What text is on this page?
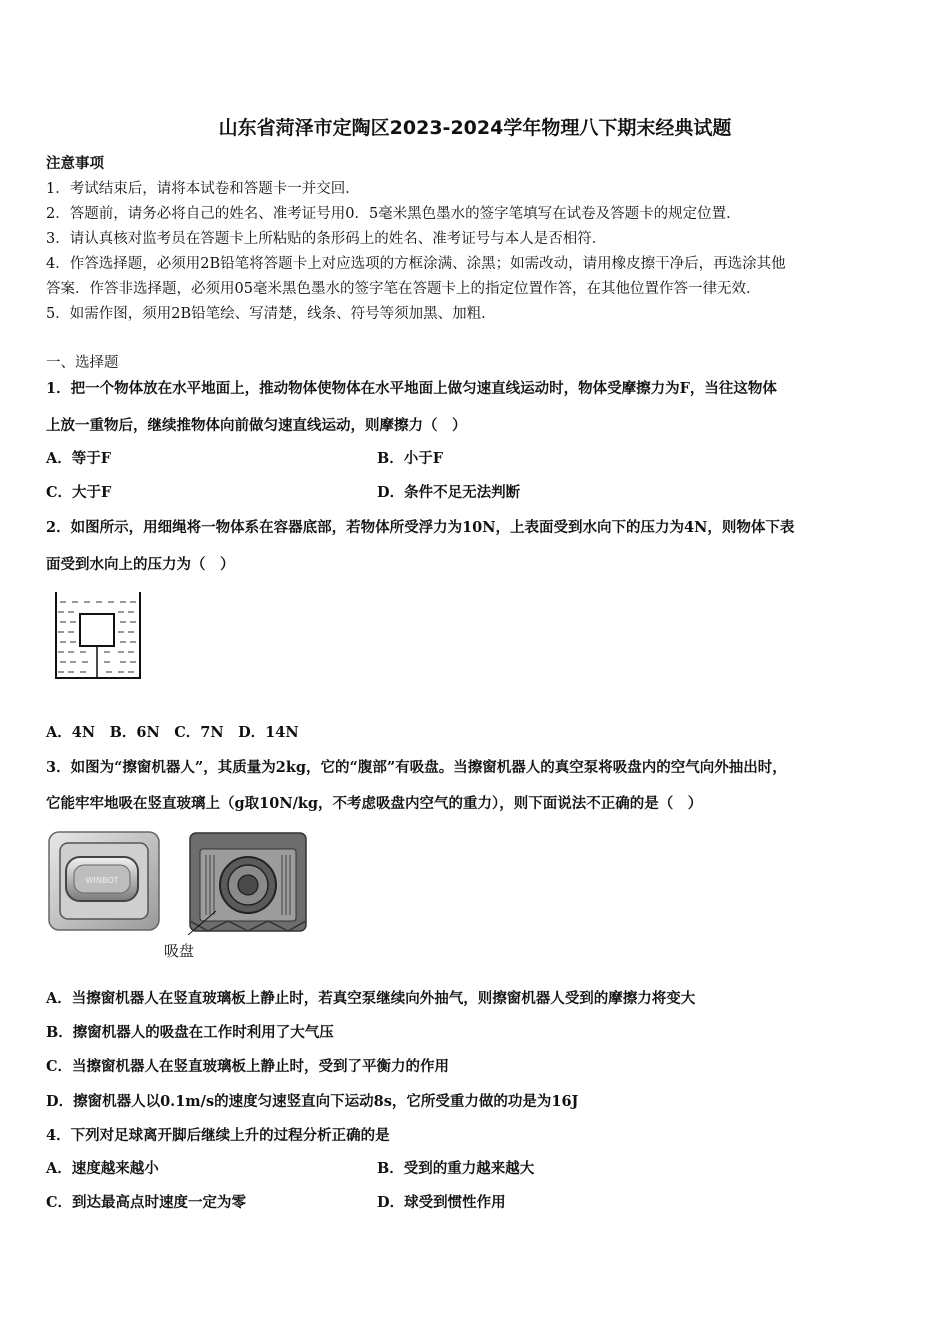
山东省菏泽市定陶区2023-2024学年物理八下期末经典试题
注意事项
1．考试结束后，请将本试卷和答题卡一并交回．
2．答题前，请务必将自己的姓名、准考证号用0．5毫米黑色墨水的签字笔填写在试卷及答题卡的规定位置．
3．请认真核对监考员在答题卡上所粘贴的条形码上的姓名、准考证号与本人是否相符．
4．作答选择题，必须用2B铅笔将答题卡上对应选项的方框涂满、涂黑；如需改动，请用橡皮擦干净后，再选涂其他
答案．作答非选择题，必须用05毫米黑色墨水的签字笔在答题卡上的指定位置作答，在其他位置作答一律无效．
5．如需作图，须用2B铅笔绘、写清楚，线条、符号等须加黑、加粗．
一、选择题
1．把一个物体放在水平地面上，推动物体使物体在水平地面上做匀速直线运动时，物体受摩擦力为F，当往这物体
上放一重物后，继续推物体向前做匀速直线运动，则摩擦力（　）
A．等于F	B．小于F
C．大于F	D．条件不足无法判断
2．如图所示，用细绳将一物体系在容器底部，若物体所受浮力为10N，上表面受到水向下的压力为4N，则物体下表
面受到水向上的压力为（　）
A．4N　B．6N　C．7N　D．14N
3．如图为“擦窗机器人”，其质量为2kg，它的“腹部”有吸盘。当擦窗机器人的真空泵将吸盘内的空气向外抽出时，
它能牢牢地吸在竖直玻璃上（g取10N/kg，不考虑吸盘内空气的重力），则下面说法不正确的是（　）
WINBOT
吸盘
A．当擦窗机器人在竖直玻璃板上静止时，若真空泵继续向外抽气，则擦窗机器人受到的摩擦力将变大
B．擦窗机器人的吸盘在工作时利用了大气压
C．当擦窗机器人在竖直玻璃板上静止时，受到了平衡力的作用
D．擦窗机器人以0.1m/s的速度匀速竖直向下运动8s，它所受重力做的功是为16J
4．下列对足球离开脚后继续上升的过程分析正确的是
A．速度越来越小	B．受到的重力越来越大
C．到达最高点时速度一定为零	D．球受到惯性作用
